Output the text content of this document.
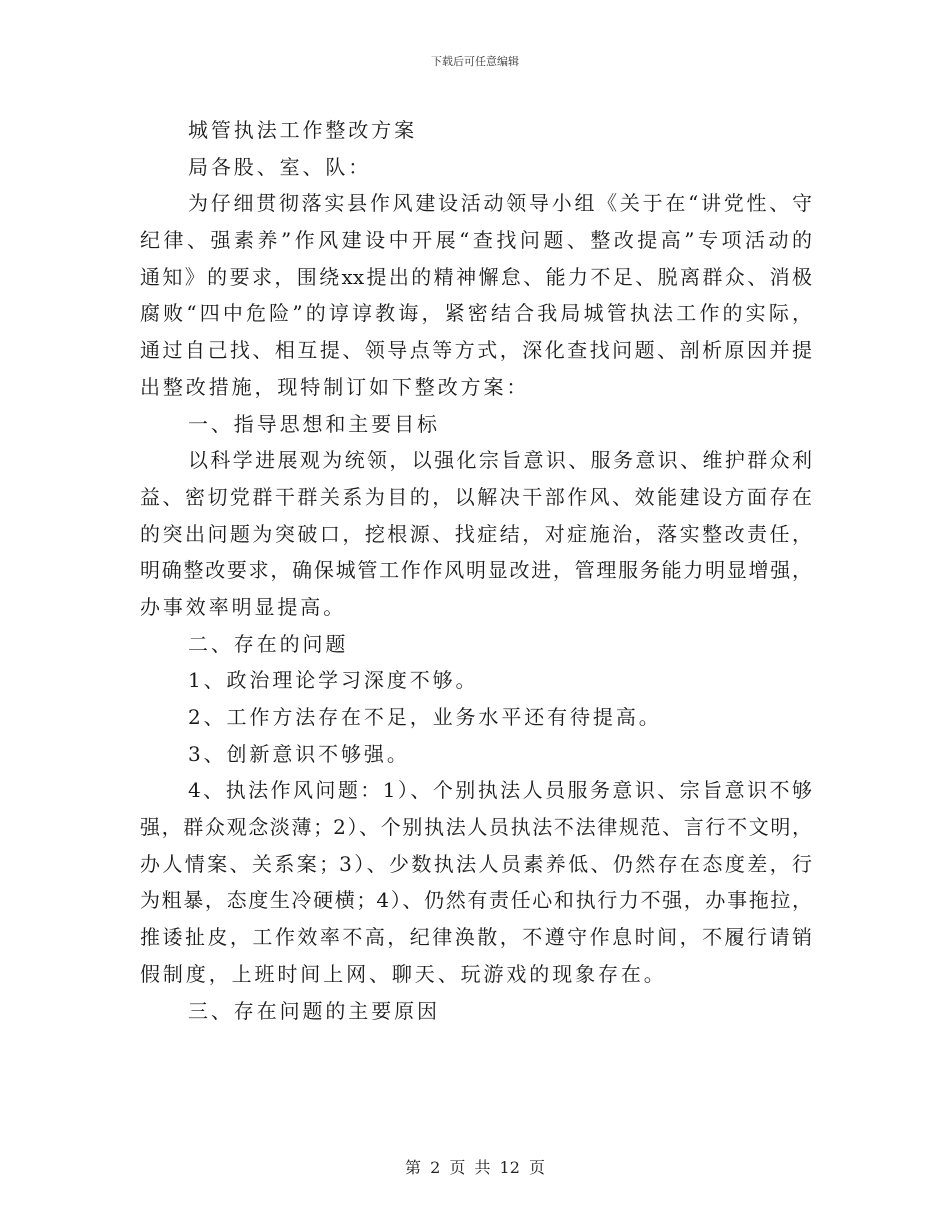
下载后可任意编辑
城管执法工作整改方案
局各股、室、队：
为仔细贯彻落实县作风建设活动领导小组《关于在“讲党性、守
纪律、强素养”作风建设中开展“查找问题、整改提高”专项活动的
通知》的要求，围绕xx提出的精神懈怠、能力不足、脱离群众、消极
腐败“四中危险”的谆谆教诲，紧密结合我局城管执法工作的实际，
通过自己找、相互提、领导点等方式，深化查找问题、剖析原因并提
出整改措施，现特制订如下整改方案：
一、指导思想和主要目标
以科学进展观为统领，以强化宗旨意识、服务意识、维护群众利
益、密切党群干群关系为目的，以解决干部作风、效能建设方面存在
的突出问题为突破口，挖根源、找症结，对症施治，落实整改责任，
明确整改要求，确保城管工作作风明显改进，管理服务能力明显增强，
办事效率明显提高。
二、存在的问题
1、政治理论学习深度不够。
2、工作方法存在不足，业务水平还有待提高。
3、创新意识不够强。
4、执法作风问题：1）、个别执法人员服务意识、宗旨意识不够
强，群众观念淡薄；2）、个别执法人员执法不法律规范、言行不文明，
办人情案、关系案；3）、少数执法人员素养低、仍然存在态度差，行
为粗暴，态度生冷硬横；4）、仍然有责任心和执行力不强，办事拖拉，
推诿扯皮，工作效率不高，纪律涣散，不遵守作息时间，不履行请销
假制度，上班时间上网、聊天、玩游戏的现象存在。
三、存在问题的主要原因
第 2 页 共 12 页
